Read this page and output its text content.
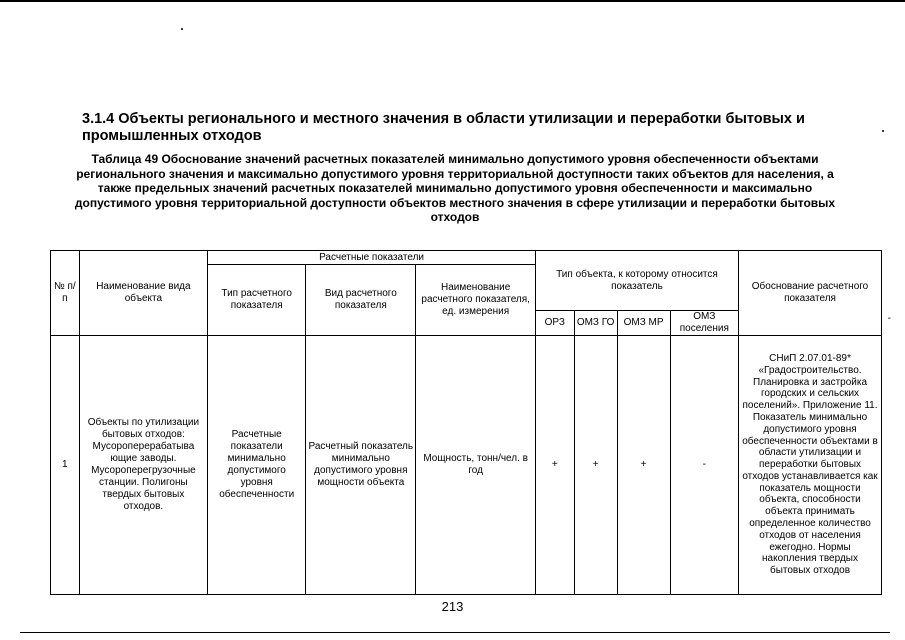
3.1.4 Объекты регионального и местного значения в области утилизации и переработки бытовых и промышленных отходов

Таблица 49 Обоснование значений расчетных показателей минимально допустимого уровня обеспеченности объектами регионального значения и максимально допустимого уровня территориальной доступности таких объектов для населения, а также предельных значений расчетных показателей минимально допустимого уровня обеспеченности и максимально допустимого уровня территориальной доступности объектов местного значения в сфере утилизации и переработки бытовых отходов

№ п/п	Наименование вида объекта	Расчетные показатели			Тип объекта, к которому относится показатель				Обоснование расчетного показателя
		Тип расчетного показателя	Вид расчетного показателя	Наименование расчетного показателя, ед. измерения					
					ОРЗ	ОМЗ ГО	ОМЗ МР	ОМЗ поселения	
1	Объекты по утилизации бытовых отходов: Мусороперерабатыва ющие заводы. Мусороперегрузочные станции. Полигоны твердых бытовых отходов.	Расчетные показатели минимально допустимого уровня обеспеченности	Расчетный показатель минимально допустимого уровня мощности объекта	Мощность, тонн/чел. в год	+	+	+	-	СНиП 2.07.01-89* «Градостроительство. Планировка и застройка городских и сельских поселений». Приложение 11. Показатель минимально допустимого уровня обеспеченности объектами в области утилизации и переработки бытовых отходов устанавливается как показатель мощности объекта, способности объекта принимать определенное количество отходов от населения ежегодно. Нормы накопления твердых бытовых отходов
-
213
